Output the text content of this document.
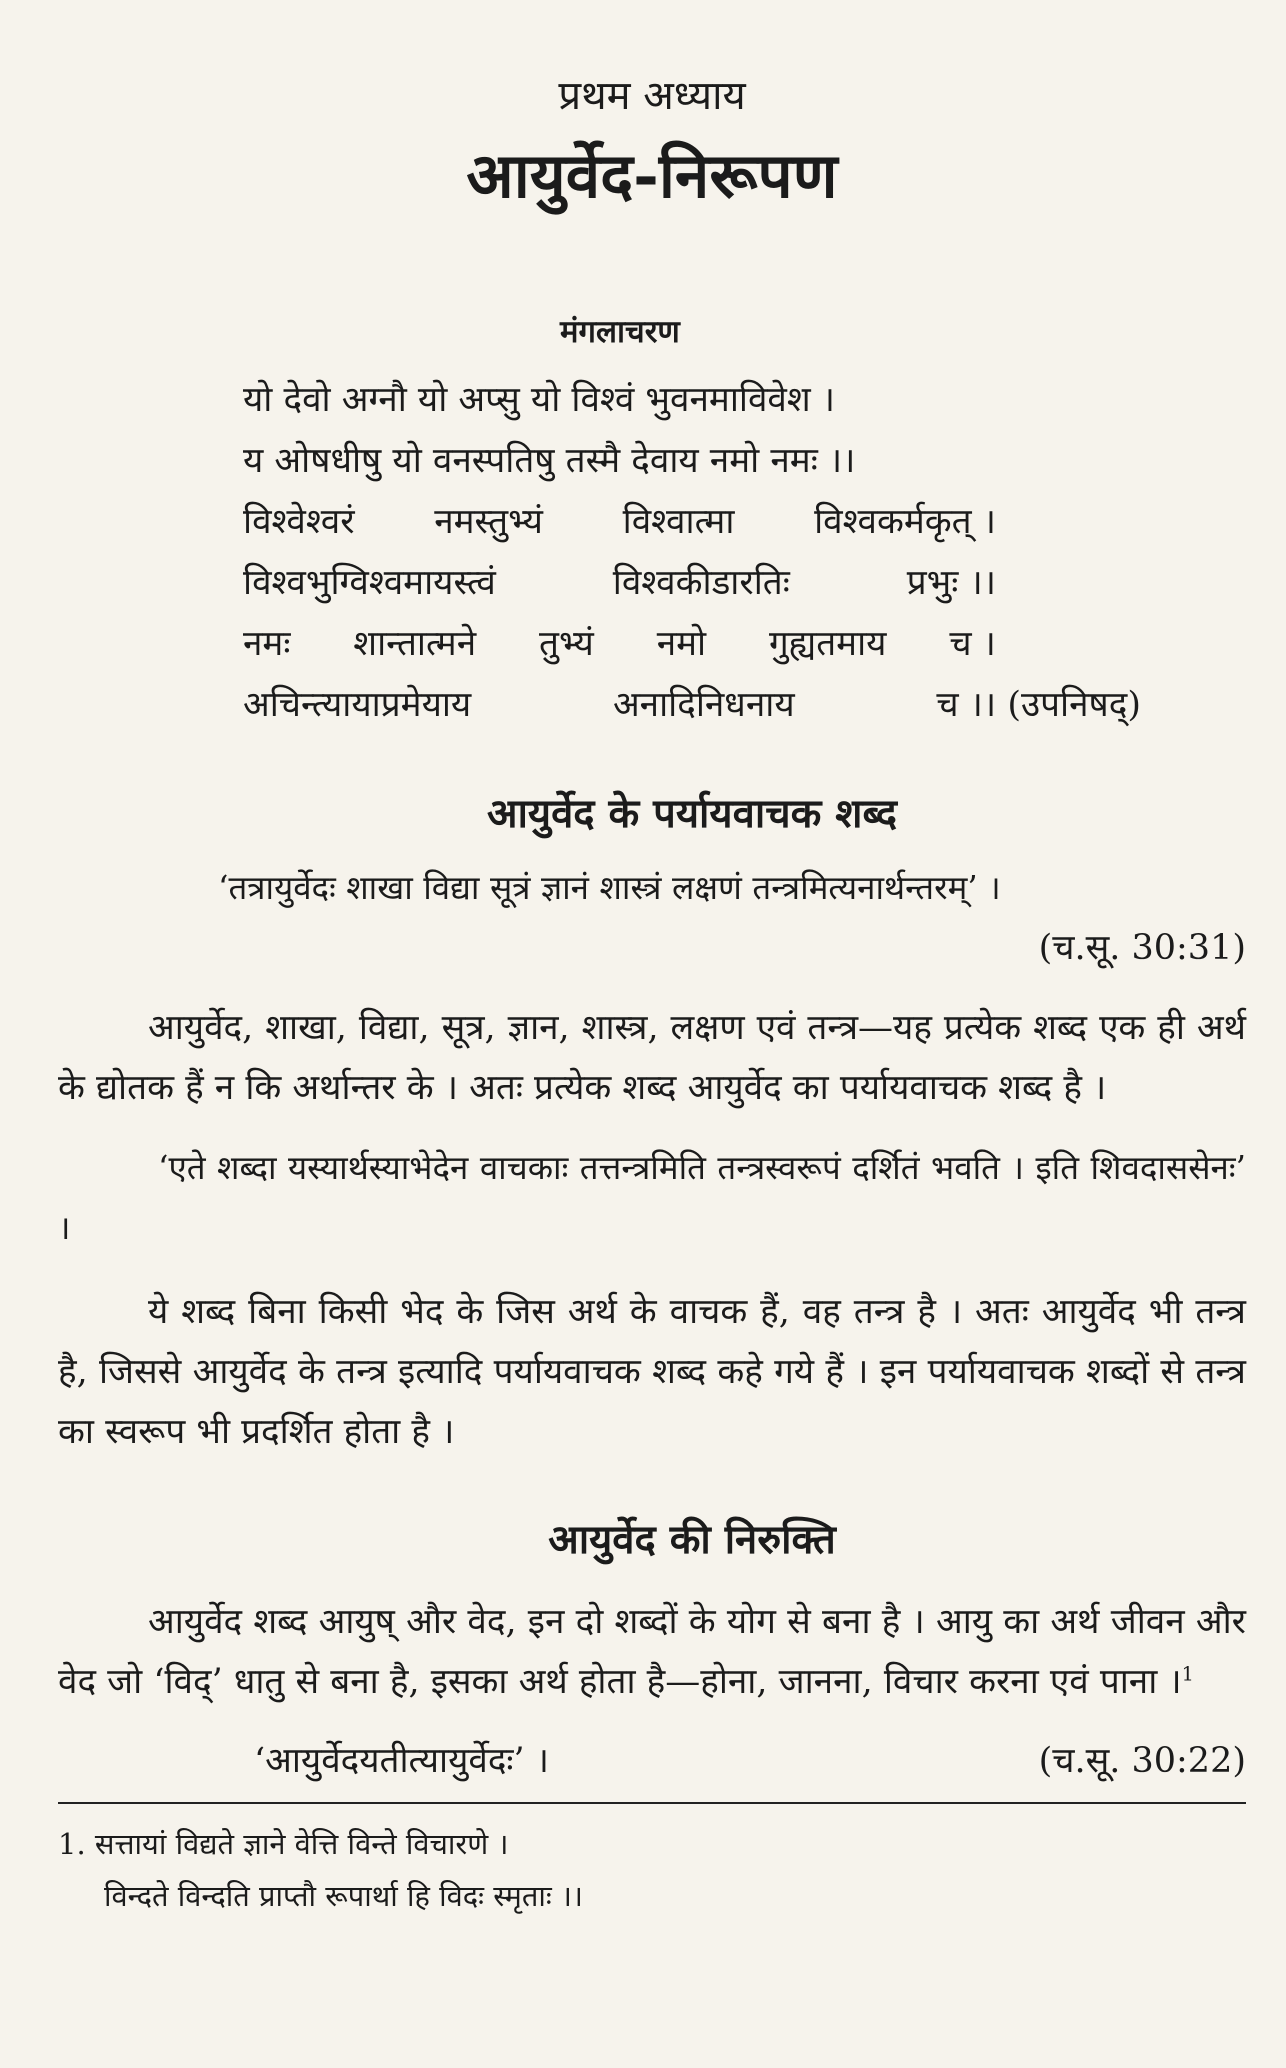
प्रथम अध्याय
आयुर्वेद-निरूपण
मंगलाचरण
यो देवो अग्नौ यो अप्सु यो विश्वं भुवनमाविवेश ।
य ओषधीषु यो वनस्पतिषु तस्मै देवाय नमो नमः ।।
विश्वेश्वरं नमस्तुभ्यं विश्वात्मा विश्वकर्मकृत् ।
विश्वभुग्विश्वमायस्त्वं	विश्वकीडारतिः	प्रभुः ।।
नमः शान्तात्मने तुभ्यं नमो गुह्यतमाय च ।
अचिन्त्यायाप्रमेयाय	अनादिनिधनाय	च ।। (उपनिषद्)
आयुर्वेद के पर्यायवाचक शब्द
‘तत्रायुर्वेदः शाखा विद्या सूत्रं ज्ञानं शास्त्रं लक्षणं तन्त्रमित्यनार्थन्तरम्’ ।
(च.सू. 30:31)

आयुर्वेद, शाखा, विद्या, सूत्र, ज्ञान, शास्त्र, लक्षण एवं तन्त्र—यह प्रत्येक शब्द एक ही अर्थ के द्योतक हैं न कि अर्थान्तर के । अतः प्रत्येक शब्द आयुर्वेद का पर्यायवाचक शब्द है ।

‘एते शब्दा यस्यार्थस्याभेदेन वाचकाः तत्तन्त्रमिति तन्त्रस्वरूपं दर्शितं भवति । इति शिवदाससेनः’ ।

ये शब्द बिना किसी भेद के जिस अर्थ के वाचक हैं, वह तन्त्र है । अतः आयुर्वेद भी तन्त्र है, जिससे आयुर्वेद के तन्त्र इत्यादि पर्यायवाचक शब्द कहे गये हैं । इन पर्यायवाचक शब्दों से तन्त्र का स्वरूप भी प्रदर्शित होता है ।

आयुर्वेद की निरुक्ति

आयुर्वेद शब्द आयुष् और वेद, इन दो शब्दों के योग से बना है । आयु का अर्थ जीवन और वेद जो ‘विद्’ धातु से बना है, इसका अर्थ होता है—होना, जानना, विचार करना एवं पाना ।$^1$

‘आयुर्वेदयतीत्यायुर्वेदः’ ।	(च.सू. 30:22)
1. सत्तायां विद्यते ज्ञाने वेत्ति विन्ते विचारणे ।
विन्दते विन्दति प्राप्तौ रूपार्था हि विदः स्मृताः ।।
